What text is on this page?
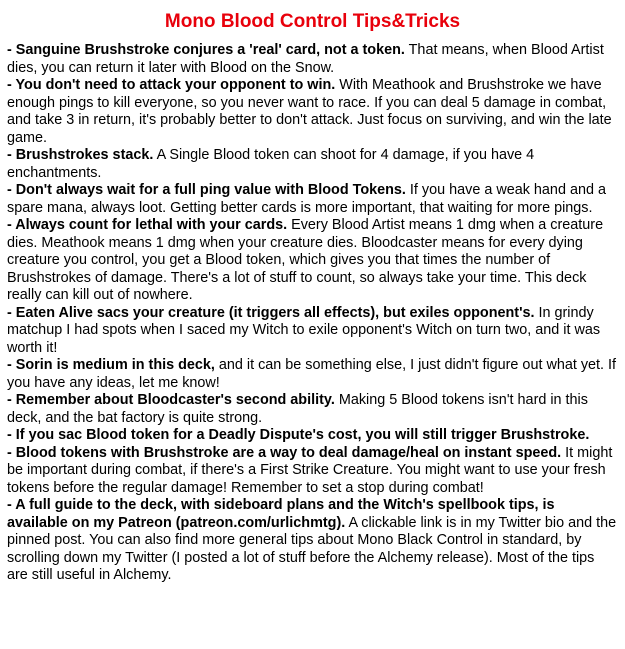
Mono Blood Control Tips&Tricks
- Sanguine Brushstroke conjures a 'real' card, not a token. That means, when Blood Artist dies, you can return it later with Blood on the Snow.
- You don't need to attack your opponent to win. With Meathook and Brushstroke we have enough pings to kill everyone, so you never want to race. If you can deal 5 damage in combat, and take 3 in return, it's probably better to don't attack. Just focus on surviving, and win the late game.
- Brushstrokes stack. A Single Blood token can shoot for 4 damage, if you have 4 enchantments.
- Don't always wait for a full ping value with Blood Tokens. If you have a weak hand and a spare mana, always loot. Getting better cards is more important, that waiting for more pings.
- Always count for lethal with your cards. Every Blood Artist means 1 dmg when a creature dies. Meathook means 1 dmg when your creature dies. Bloodcaster means for every dying creature you control, you get a Blood token, which gives you that times the number of Brushstrokes of damage. There's a lot of stuff to count, so always take your time. This deck really can kill out of nowhere.
- Eaten Alive sacs your creature (it triggers all effects), but exiles opponent's. In grindy matchup I had spots when I saced my Witch to exile opponent's Witch on turn two, and it was worth it!
- Sorin is medium in this deck, and it can be something else, I just didn't figure out what yet. If you have any ideas, let me know!
- Remember about Bloodcaster's second ability. Making 5 Blood tokens isn't hard in this deck, and the bat factory is quite strong.
- If you sac Blood token for a Deadly Dispute's cost, you will still trigger Brushstroke.
- Blood tokens with Brushstroke are a way to deal damage/heal on instant speed. It might be important during combat, if there's a First Strike Creature. You might want to use your fresh tokens before the regular damage! Remember to set a stop during combat!
- A full guide to the deck, with sideboard plans and the Witch's spellbook tips, is available on my Patreon (patreon.com/urlichmtg). A clickable link is in my Twitter bio and the pinned post. You can also find more general tips about Mono Black Control in standard, by scrolling down my Twitter (I posted a lot of stuff before the Alchemy release). Most of the tips are still useful in Alchemy.
